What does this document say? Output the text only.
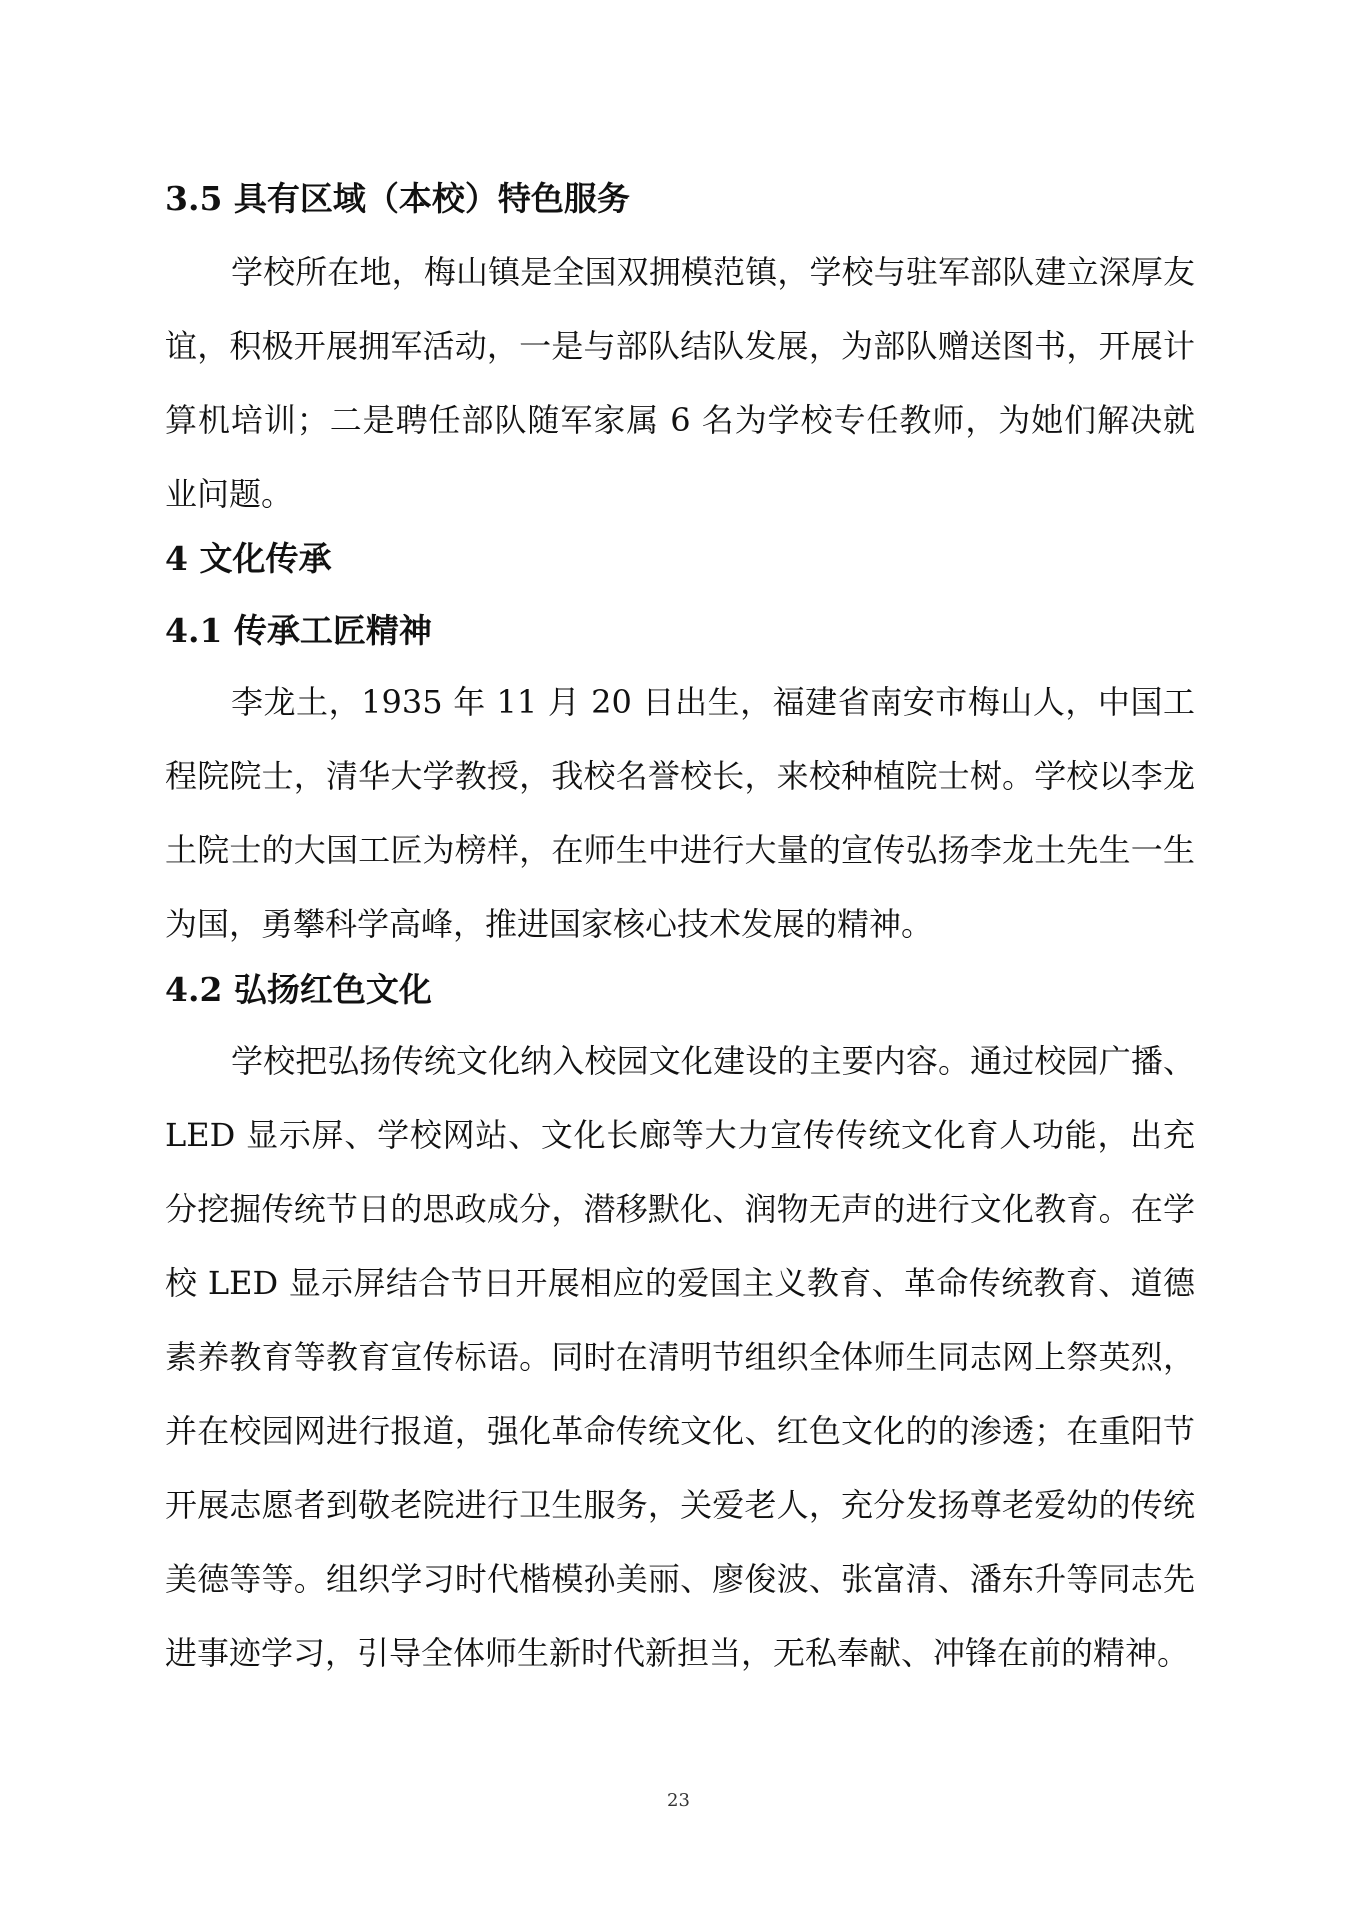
3.5 具有区域（本校）特色服务

学校所在地，梅山镇是全国双拥模范镇，学校与驻军部队建立深厚友谊，积极开展拥军活动，一是与部队结队发展，为部队赠送图书，开展计算机培训；二是聘任部队随军家属 6 名为学校专任教师，为她们解决就业问题。

4 文化传承
4.1 传承工匠精神

李龙土，1935 年 11 月 20 日出生，福建省南安市梅山人，中国工程院院士，清华大学教授，我校名誉校长，来校种植院士树。学校以李龙土院士的大国工匠为榜样，在师生中进行大量的宣传弘扬李龙土先生一生为国，勇攀科学高峰，推进国家核心技术发展的精神。

4.2 弘扬红色文化

学校把弘扬传统文化纳入校园文化建设的主要内容。通过校园广播、LED 显示屏、学校网站、文化长廊等大力宣传传统文化育人功能，出充分挖掘传统节日的思政成分，潜移默化、润物无声的进行文化教育。在学校 LED 显示屏结合节日开展相应的爱国主义教育、革命传统教育、道德素养教育等教育宣传标语。同时在清明节组织全体师生同志网上祭英烈，并在校园网进行报道，强化革命传统文化、红色文化的的渗透；在重阳节开展志愿者到敬老院进行卫生服务，关爱老人，充分发扬尊老爱幼的传统美德等等。组织学习时代楷模孙美丽、廖俊波、张富清、潘东升等同志先进事迹学习，引导全体师生新时代新担当，无私奉献、冲锋在前的精神。

23
